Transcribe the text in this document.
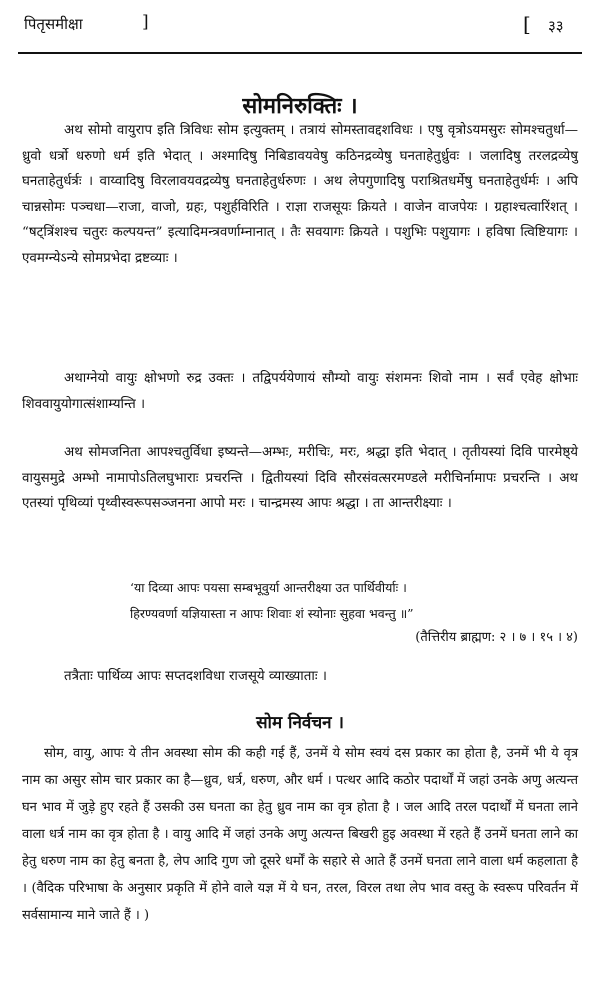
पितृसमीक्षा	]	[ ३३
सोमनिरुक्तिः ।

अथ सोमो वायुराप इति त्रिविधः सोम इत्युक्तम् । तत्रायं सोमस्तावद्दशविधः । एषु वृत्रोऽयमसुरः सोमश्चतुर्धा—ध्रुवो धर्त्रो धरुणो धर्म इति भेदात् । अश्मादिषु निबिडावयवेषु कठिनद्रव्येषु घनताहेतुर्ध्रुवः । जलादिषु तरलद्रव्येषु घनताहेतुर्धर्त्रः । वाय्वादिषु विरलावयवद्रव्येषु घनताहेतुर्धरुणः । अथ लेपगुणादिषु पराश्रितधर्मेषु घनताहेतुर्धर्मः । अपि चान्नसोमः पञ्चधा—राजा, वाजो, ग्रहः, पशुर्हविरिति । राज्ञा राजसूयः क्रियते । वाजेन वाजपेयः । ग्रहाश्चत्वारिंशत् । “षट्त्रिंशश्च चतुरः कल्पयन्त” इत्यादिमन्त्रवर्णाम्नानात् । तैः सवयागः क्रियते । पशुभिः पशुयागः । हविषा त्विष्टियागः । एवमग्न्येऽन्ये सोमप्रभेदा द्रष्टव्याः ।

अथाग्नेयो वायुः क्षोभणो रुद्र उक्तः । तद्विपर्ययेणायं सौम्यो वायुः संशमनः शिवो नाम । सर्वं एवेह क्षोभाः शिववायुयोगात्संशाम्यन्ति ।

अथ सोमजनिता आपश्चतुर्विधा इष्यन्ते—अम्भः, मरीचिः, मरः, श्रद्धा इति भेदात् । तृतीयस्यां दिवि पारमेष्ठ्ये वायुसमुद्रे अम्भो नामापोऽतिलघुभाराः प्रचरन्ति । द्वितीयस्यां दिवि सौरसंवत्सरमण्डले मरीचिर्नामापः प्रचरन्ति । अथ एतस्यां पृथिव्यां पृथ्वीस्वरूपसञ्जनना आपो मरः । चान्द्रमस्य आपः श्रद्धा । ता आन्तरीक्ष्याः ।

‘या दिव्या आपः पयसा सम्बभूवुर्या आन्तरीक्ष्या उत पार्थिवीर्याः ।
हिरण्यवर्णा यज्ञियास्ता न आपः शिवाः शं स्योनाः सुहवा भवन्तु ॥”
(तैत्तिरीय ब्राह्मण: २ । ७ । १५ । ४)

तत्रैताः पार्थिव्य आपः सप्तदशविधा राजसूये व्याख्याताः ।

सोम निर्वचन ।

सोम, वायु, आपः ये तीन अवस्था सोम की कही गई हैं, उनमें ये सोम स्वयं दस प्रकार का होता है, उनमें भी ये वृत्र नाम का असुर सोम चार प्रकार का है—ध्रुव, धर्त्र, धरुण, और धर्म । पत्थर आदि कठोर पदार्थों में जहां उनके अणु अत्यन्त घन भाव में जुड़े हुए रहते हैं उसकी उस घनता का हेतु ध्रुव नाम का वृत्र होता है । जल आदि तरल पदार्थों में घनता लाने वाला धर्त्र नाम का वृत्र होता है । वायु आदि में जहां उनके अणु अत्यन्त बिखरी हुइ अवस्था में रहते हैं उनमें घनता लाने का हेतु धरुण नाम का हेतु बनता है, लेप आदि गुण जो दूसरे धर्मों के सहारे से आते हैं उनमें घनता लाने वाला धर्म कहलाता है । (वैदिक परिभाषा के अनुसार प्रकृति में होने वाले यज्ञ में ये घन, तरल, विरल तथा लेप भाव वस्तु के स्वरूप परिवर्तन में सर्वसामान्य माने जाते हैं । )
